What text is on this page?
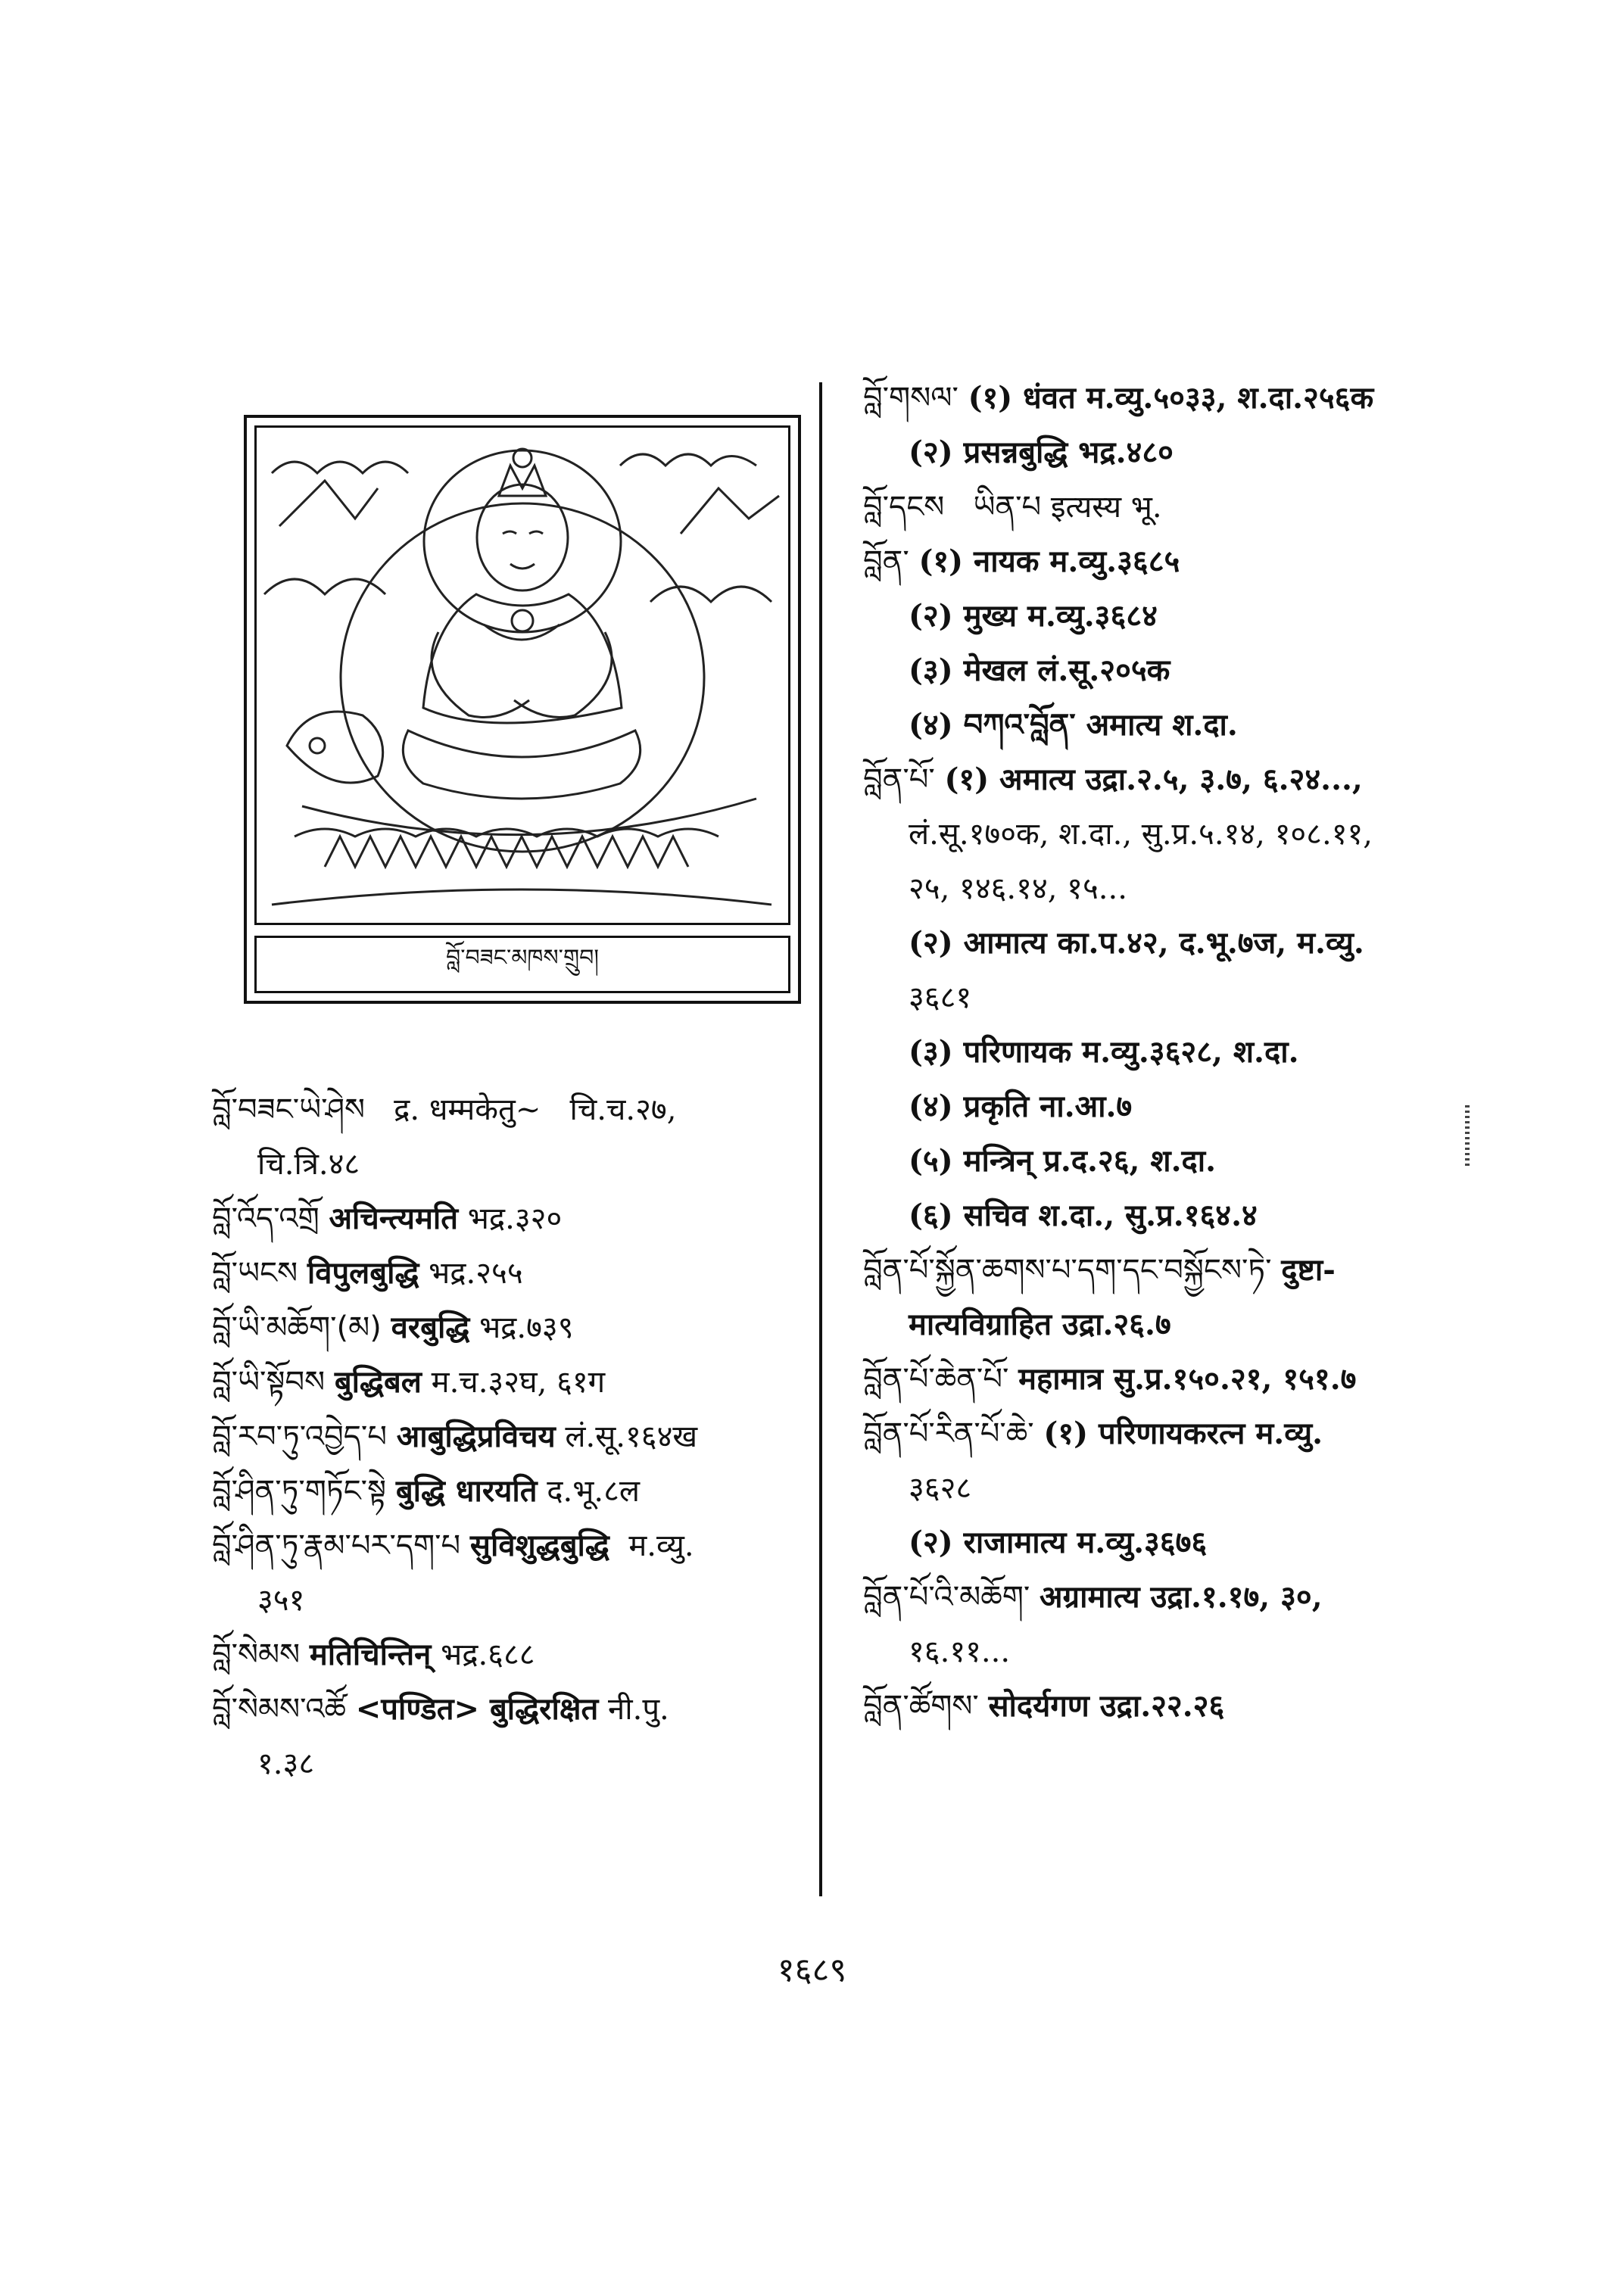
བློ་བཟང་མཁས་གྲུབ།
བློ་བཟང་ཡེ་ཤེས द्र. धम्मकेतु~ चि.च.२७,
चि.त्रि.४८
བློ་འོད་འགྲོ अचिन्त्यमति भद्र.३२०
བློ་ཡངས विपुलबुद्धि भद्र.२५५
བློ་ཡི་མཆོག་(མ) वरबुद्धि भद्र.७३९
བློ་ཡི་སྟོབས बुद्धिबल म.च.३२घ, ६१ग
བློ་རབ་ཏུ་འབྱེད་པ आबुद्धिप्रविचय लं.सू.१६४ख
བློ་ཤིན་ཏུ་གཏོང་སྟེ बुद्धि धारयति द.भू.८ल
བློ་ཤིན་ཏུ་རྣམ་པར་དག་པ सुविशुद्धबुद्धि म.व्यु.
३५१
བློ་སེམས मतिचिन्तिन् भद्र.६८८
བློ་སེམས་འཚོ <पण्डित> बुद्धिरक्षित नी.पु.
१.३८
བློ་གསལ་ (१) धंवत म.व्यु.५०३३, श.दा.२५६क
(२) प्रसन्नबुद्धि भद्र.४८०
བློ་དངས ཡིན་པ इत्यस्य भू.
བློན་ (१) नायक म.व्यु.३६८५
(२) मुख्य म.व्यु.३६८४
(३) मेखल लं.सू.२०५क
(४) བཀའ་བློན་ अमात्य श.दा.
བློན་པོ་ (१) अमात्य उद्रा.२.५, ३.७, ६.२४...,
लं.सू.१७०क, श.दा., सु.प्र.५.१४, १०८.११,
२५, १४६.१४, १५...
(२) आमात्य का.प.४२, द.भू.७ज, म.व्यु.
३६८१
(३) परिणायक म.व्यु.३६२८, श.दा.
(४) प्रकृति ना.आ.७
(५) मन्त्रिन् प्र.द.२६, श.दा.
(६) सचिव श.दा., सु.प्र.१६४.४
བློན་པོ་སྐྱོན་ཆགས་པ་དག་དང་བསྐྱོངས་ཏེ་ दुष्टा-
मात्यविग्राहित उद्रा.२६.७
བློན་པོ་ཆེན་པོ་ महामात्र सु.प्र.१५०.२१, १५१.७
བློན་པོ་རིན་པོ་ཆེ་ (१) परिणायकरत्न म.व्यु.
३६२८
(२) राजामात्य म.व्यु.३६७६
བློན་པོ་འི་མཆོག་ अग्रामात्य उद्रा.१.१७, ३०,
१६.११...
བློན་ཚོགས་ सोदर्यगण उद्रा.२२.२६
१६८९
